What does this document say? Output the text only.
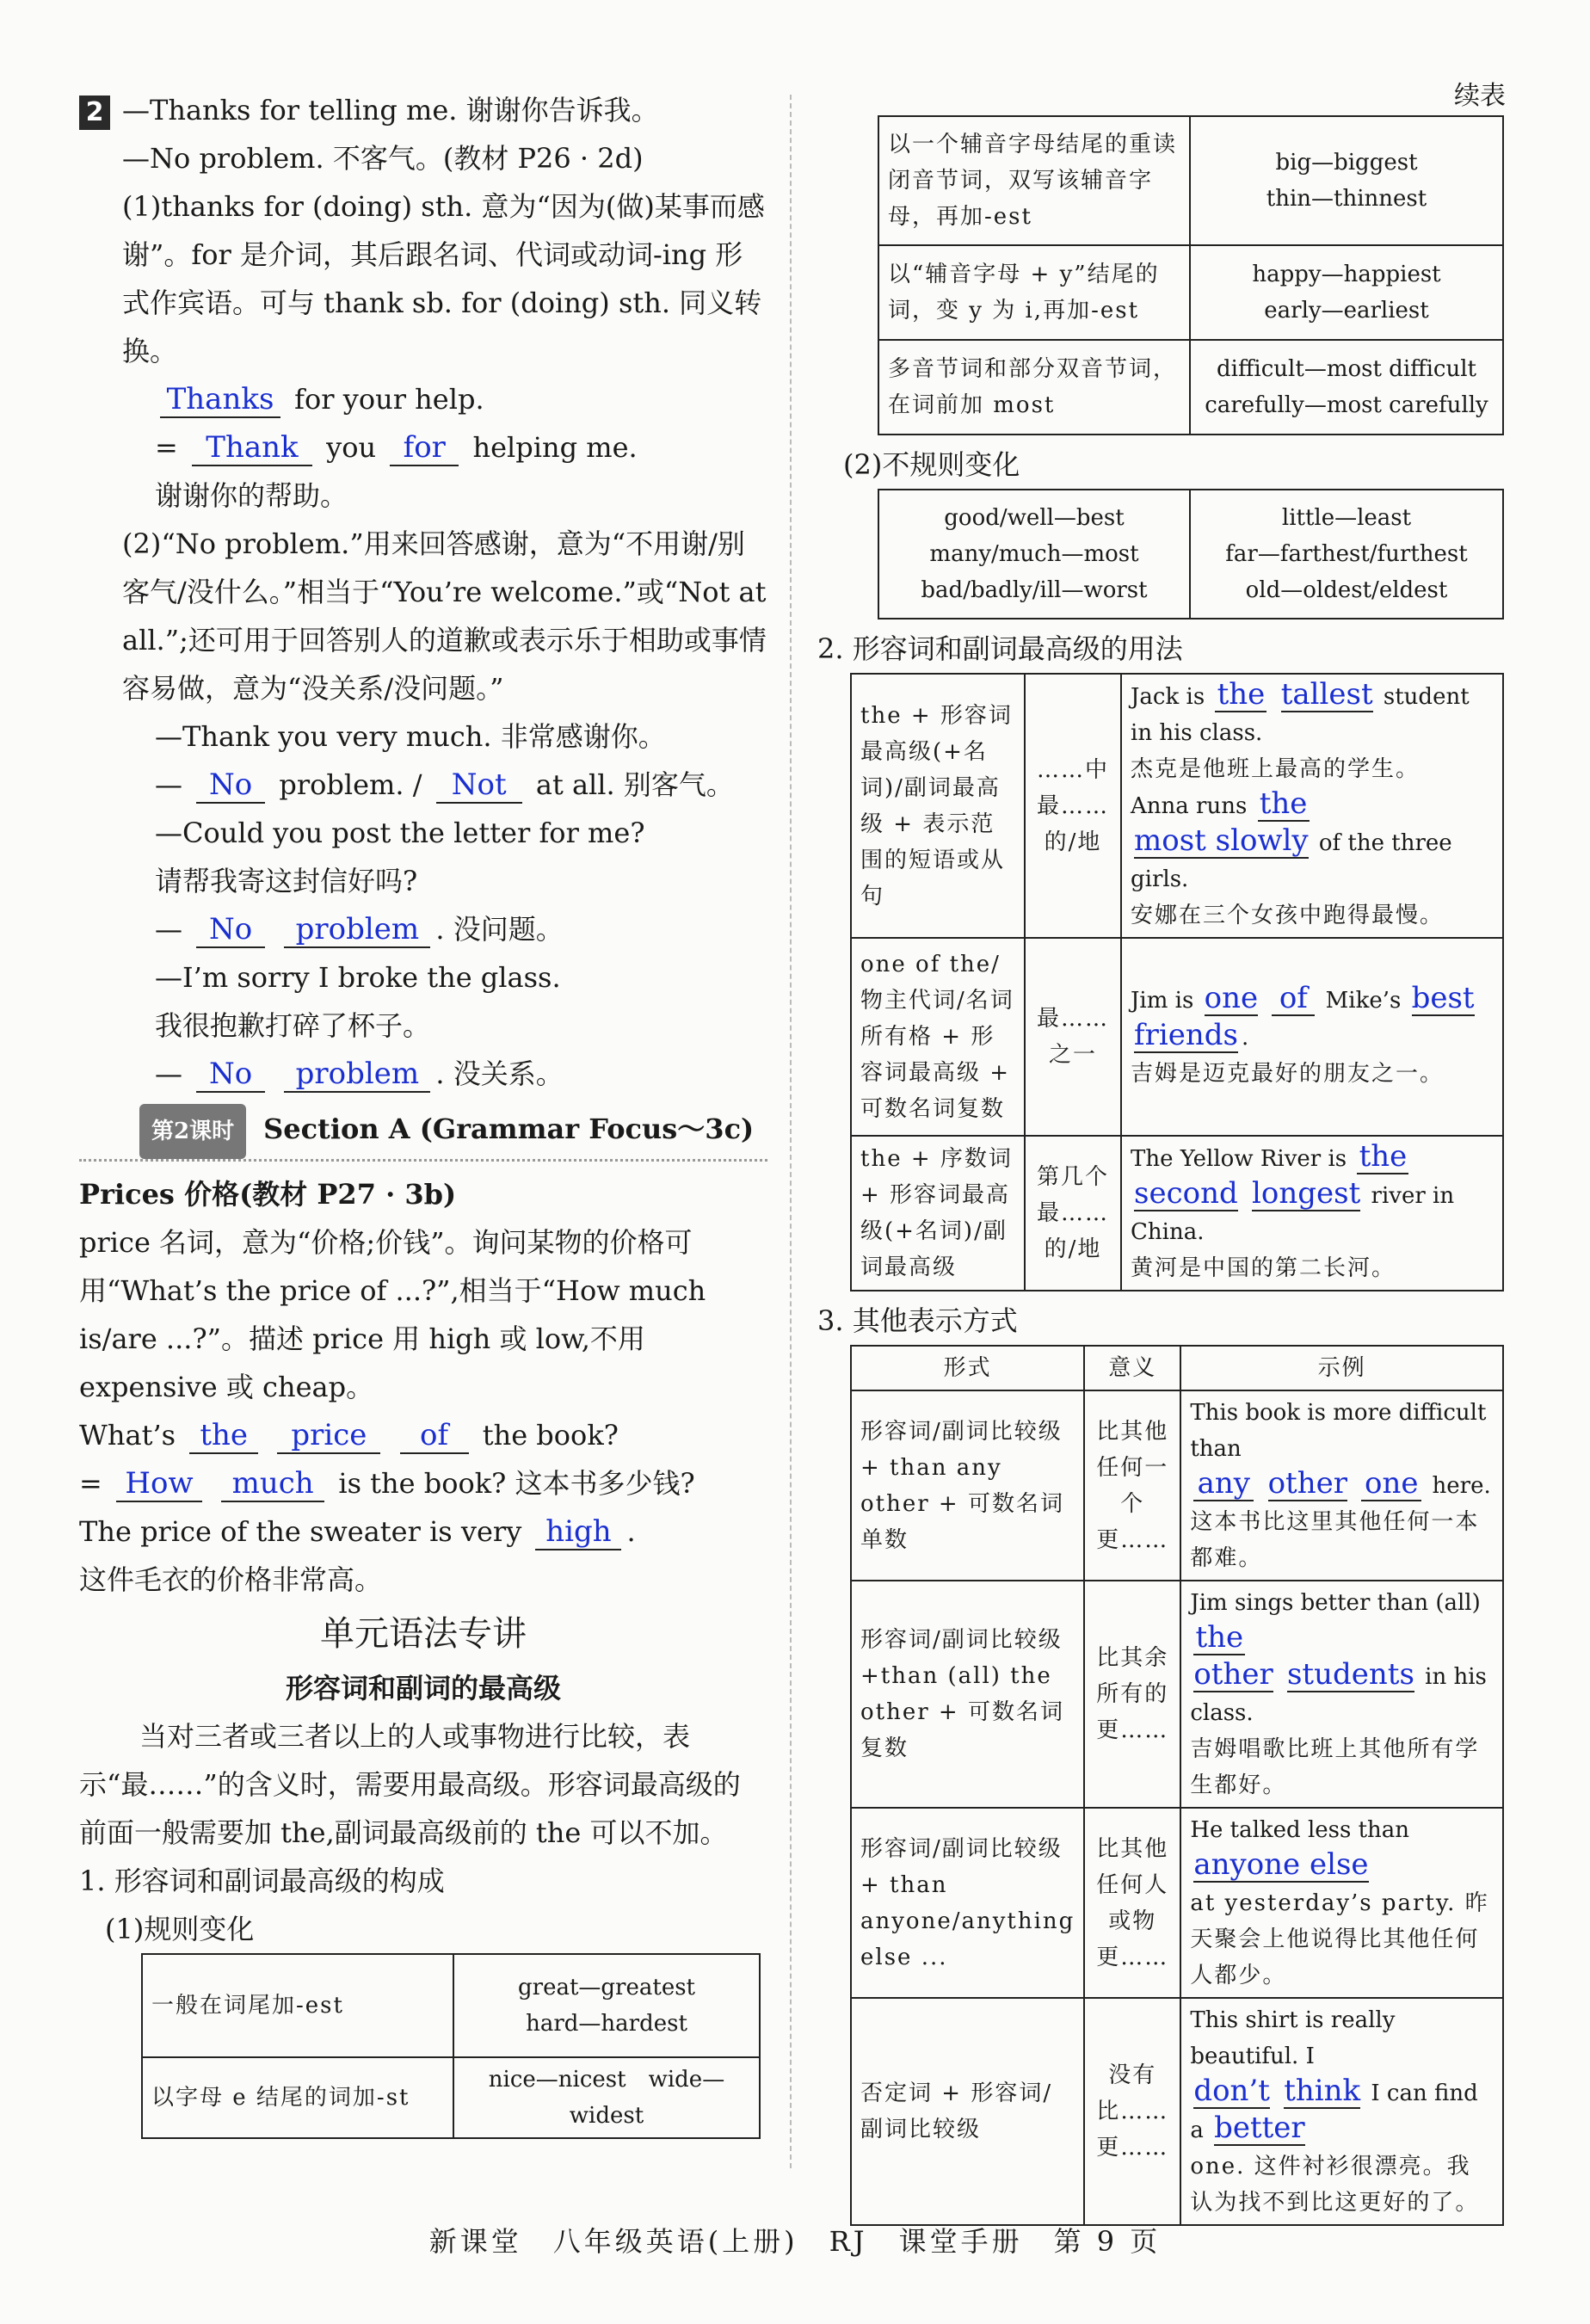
2 —Thanks for telling me. 谢谢你告诉我。
—No problem. 不客气。(教材 P26 · 2d)
(1)thanks for (doing) sth. 意为“因为(做)某事而感谢”。for 是介词，其后跟名词、代词或动词-ing 形式作宾语。可与 thank sb. for (doing) sth. 同义转换。
Thanks for your help.
= Thank you for helping me.
谢谢你的帮助。
(2)“No problem.”用来回答感谢，意为“不用谢/别客气/没什么。”相当于“You’re welcome.”或“Not at all.”;还可用于回答别人的道歉或表示乐于相助或事情容易做，意为“没关系/没问题。”
—Thank you very much. 非常感谢你。
— No problem. / Not at all. 别客气。
—Could you post the letter for me?
请帮我寄这封信好吗?
— No problem . 没问题。
—I’m sorry I broke the glass.
我很抱歉打碎了杯子。
— No problem . 没关系。
第2课时 Section A (Grammar Focus～3c)
Prices 价格(教材 P27 · 3b)
price 名词，意为“价格;价钱”。询问某物的价格可用“What’s the price of ...?”,相当于“How much is/are ...?”。描述 price 用 high 或 low,不用 expensive 或 cheap。
What’s the price of the book?
= How much is the book? 这本书多少钱?
The price of the sweater is very high .
这件毛衣的价格非常高。
单元语法专讲
形容词和副词的最高级
当对三者或三者以上的人或事物进行比较，表示“最……”的含义时，需要用最高级。形容词最高级的前面一般需要加 the,副词最高级前的 the 可以不加。
1. 形容词和副词最高级的构成
(1)规则变化
一般在词尾加-est	great—greatest
hard—hardest
以字母 e 结尾的词加-st	nice—nicest　wide—widest
续表
以一个辅音字母结尾的重读闭音节词，双写该辅音字母，再加-est	big—biggest
thin—thinnest
以“辅音字母 + y”结尾的词，变 y 为 i,再加-est	happy—happiest
early—earliest
多音节词和部分双音节词，在词前加 most	difficult—most difficult
carefully—most carefully
(2)不规则变化
good/well—best
many/much—most
bad/badly/ill—worst	little—least
far—farthest/furthest
old—oldest/eldest
2. 形容词和副词最高级的用法
the + 形容词最高级(+名词)/副词最高级 + 表示范围的短语或从句	……中最……的/地	Jack is the tallest student in his class.
杰克是他班上最高的学生。
Anna runs the most slowly of the three girls.
安娜在三个女孩中跑得最慢。
one of the/物主代词/名词所有格 + 形容词最高级 + 可数名词复数	最……之一	Jim is one of Mike’s best
friends .
吉姆是迈克最好的朋友之一。
the + 序数词 + 形容词最高级(+名词)/副词最高级	第几个最……的/地	The Yellow River is the
second longest river in China.
黄河是中国的第二长河。
3. 其他表示方式
形式	意义	示例
形容词/副词比较级 + than any other + 可数名词单数	比其他任何一个更……	This book is more difficult than
any other one here.
这本书比这里其他任何一本都难。
形容词/副词比较级+than (all) the other + 可数名词复数	比其余所有的更……	Jim sings better than (all) the
other students in his class.
吉姆唱歌比班上其他所有学生都好。
形容词/副词比较级 + than anyone/anything else ...	比其他任何人或物更……	He talked less than anyone else
at yesterday’s party. 昨天聚会上他说得比其他任何人都少。
否定词 + 形容词/副词比较级	没有比……更……	This shirt is really beautiful. I
don’t think I can find a better
one. 这件衬衫很漂亮。我认为找不到比这更好的了。
新课堂　八年级英语(上册)　RJ　课堂手册　第 9 页
